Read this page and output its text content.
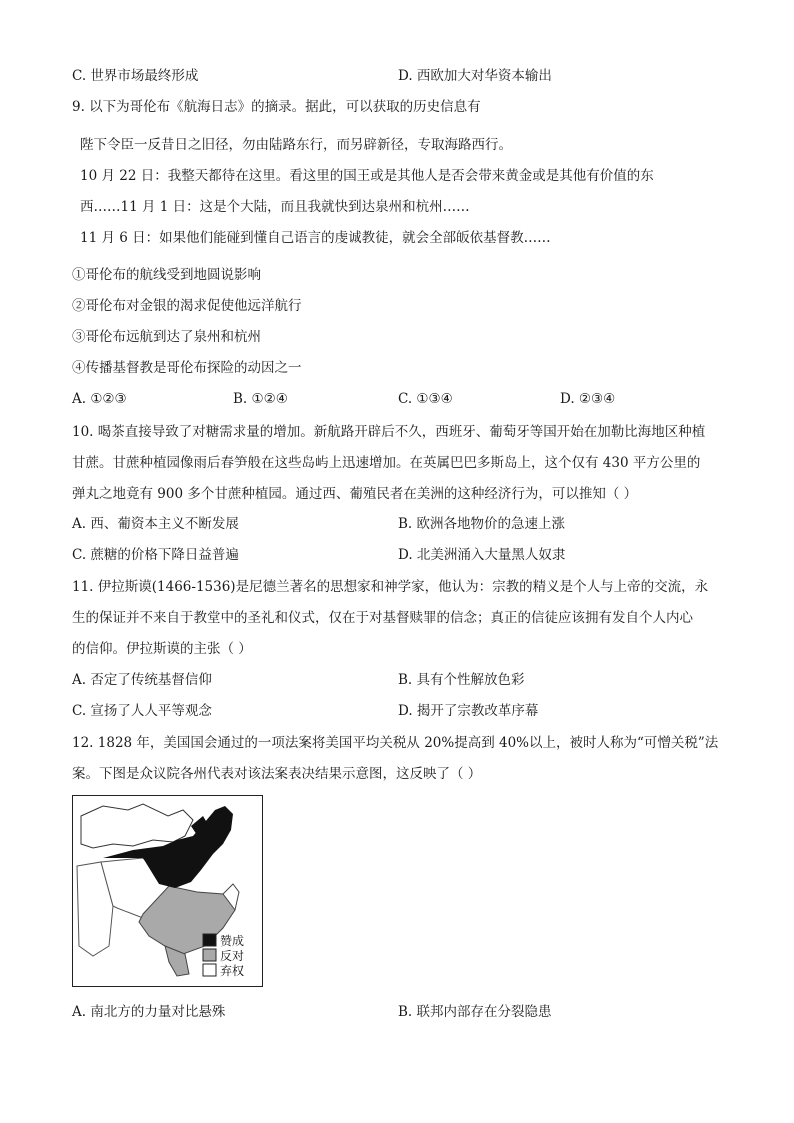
C. 世界市场最终形成	D. 西欧加大对华资本输出
9. 以下为哥伦布《航海日志》的摘录。据此，可以获取的历史信息有
陛下令臣一反昔日之旧径，勿由陆路东行，而另辟新径，专取海路西行。
10 月 22 日：我整天都待在这里。看这里的国王或是其他人是否会带来黄金或是其他有价值的东
西……11 月 1 日：这是个大陆，而且我就快到达泉州和杭州……
11 月 6 日：如果他们能碰到懂自己语言的虔诚教徒，就会全部皈依基督教……
①哥伦布的航线受到地圆说影响
②哥伦布对金银的渴求促使他远洋航行
③哥伦布远航到达了泉州和杭州
④传播基督教是哥伦布探险的动因之一
A. ①②③	B. ①②④	C. ①③④	D. ②③④
10. 喝茶直接导致了对糖需求量的增加。新航路开辟后不久，西班牙、葡萄牙等国开始在加勒比海地区种植
甘蔗。甘蔗种植园像雨后春笋般在这些岛屿上迅速增加。在英属巴巴多斯岛上，这个仅有 430 平方公里的
弹丸之地竟有 900 多个甘蔗种植园。通过西、葡殖民者在美洲的这种经济行为，可以推知（ ）
A. 西、葡资本主义不断发展	B. 欧洲各地物价的急速上涨
C. 蔗糖的价格下降日益普遍	D. 北美洲涌入大量黑人奴隶
11. 伊拉斯谟(1466-1536)是尼德兰著名的思想家和神学家，他认为：宗教的精义是个人与上帝的交流，永
生的保证并不来自于教堂中的圣礼和仪式，仅在于对基督赎罪的信念；真正的信徒应该拥有发自个人内心
的信仰。伊拉斯谟的主张（ ）
A. 否定了传统基督信仰	B. 具有个性解放色彩
C. 宣扬了人人平等观念	D. 揭开了宗教改革序幕
12. 1828 年，美国国会通过的一项法案将美国平均关税从 20%提高到 40%以上，被时人称为“可憎关税”法
案。下图是众议院各州代表对该法案表决结果示意图，这反映了（ ）
赞成
反对
弃权
A. 南北方的力量对比悬殊	B. 联邦内部存在分裂隐患
